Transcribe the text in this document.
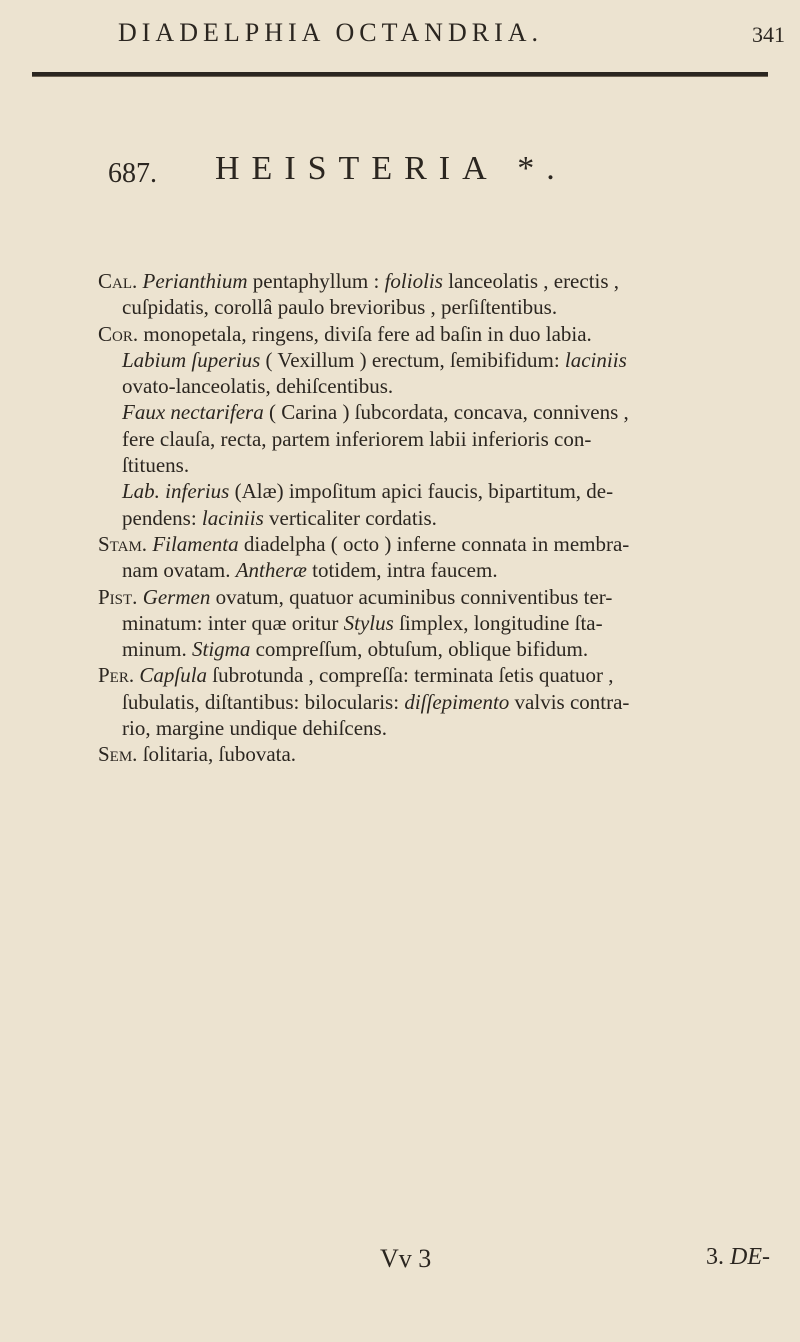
DIADELPHIA OCTANDRIA.	341
687. HEISTERIA *.
Cal. Perianthium pentaphyllum : foliolis lanceolatis , erectis ,
cuſpidatis, corollâ paulo brevioribus , perſiſtentibus.
Cor. monopetala, ringens, diviſa fere ad baſin in duo labia.
Labium ſuperius ( Vexillum ) erectum, ſemibifidum: laciniis
ovato-lanceolatis, dehiſcentibus.
Faux nectarifera ( Carina ) ſubcordata, concava, connivens ,
fere clauſa, recta, partem inferiorem labii inferioris con-
ſtituens.
Lab. inferius (Alæ) impoſitum apici faucis, bipartitum, de-
pendens: laciniis verticaliter cordatis.
Stam. Filamenta diadelpha ( octo ) inferne connata in membra-
nam ovatam. Antheræ totidem, intra faucem.
Pist. Germen ovatum, quatuor acuminibus conniventibus ter-
minatum: inter quæ oritur Stylus ſimplex, longitudine ſta-
minum. Stigma compreſſum, obtuſum, oblique bifidum.
Per. Capſula ſubrotunda , compreſſa: terminata ſetis quatuor ,
ſubulatis, diſtantibus: bilocularis: diſſepimento valvis contra-
rio, margine undique dehiſcens.
Sem. ſolitaria, ſubovata.
Vv 3	3. DE-
